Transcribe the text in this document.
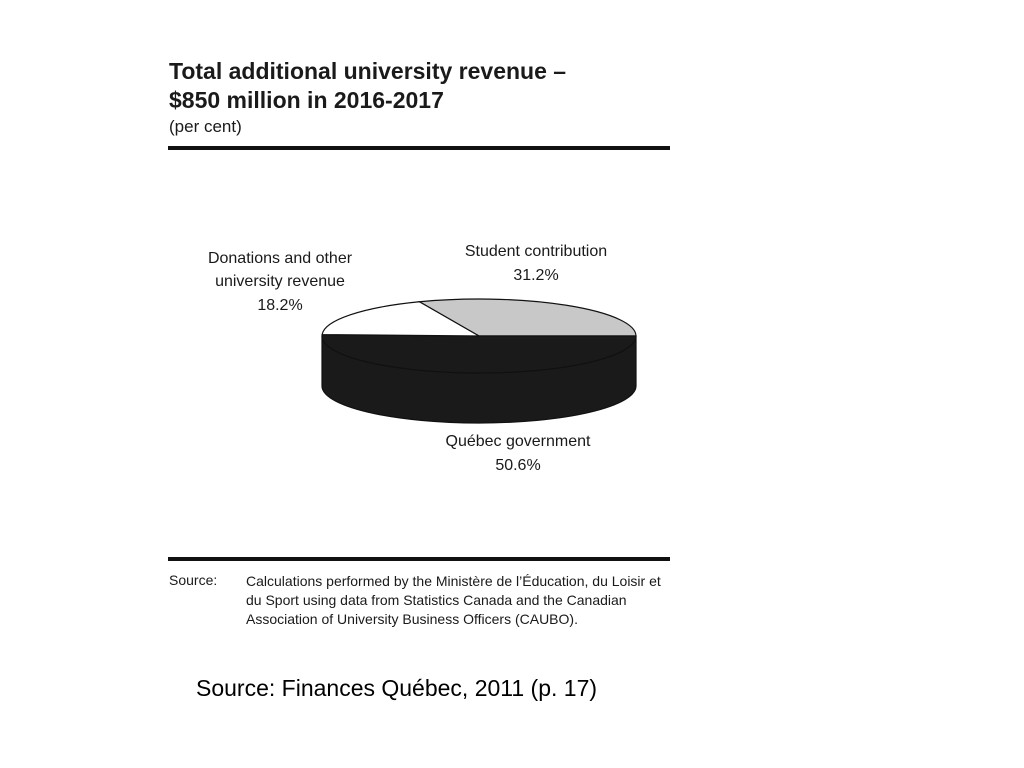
Total additional university revenue –
$850 million in 2016-2017
(per cent)
Student contribution
31.2%
Donations and other
university revenue
18.2%
Québec government
50.6%
Source: Calculations performed by the Ministère de l’Éducation, du Loisir et du Sport using data from Statistics Canada and the Canadian Association of University Business Officers (CAUBO).
Source: Finances Québec, 2011 (p. 17)
